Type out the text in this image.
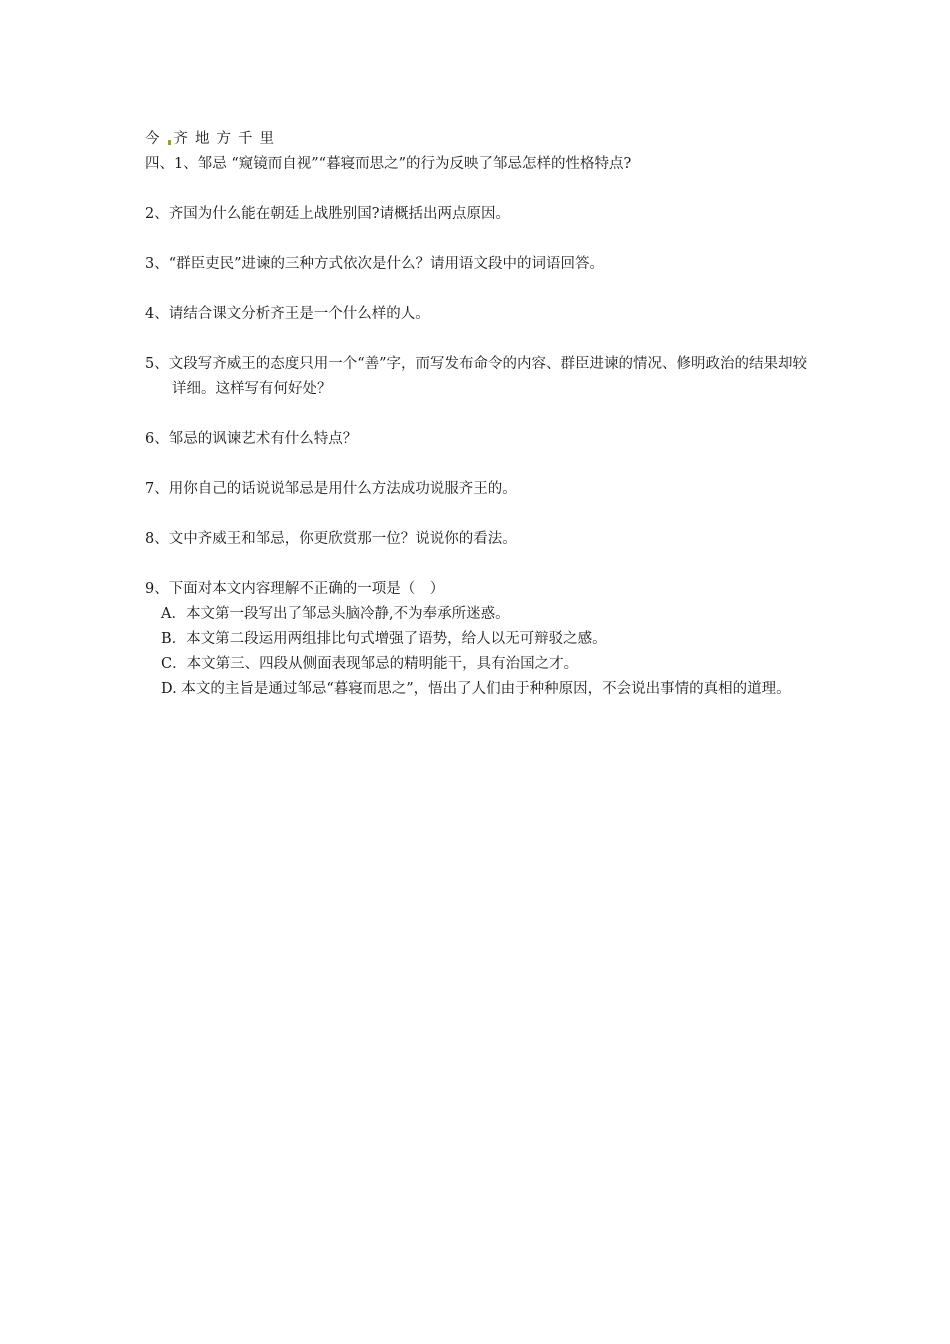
今 齐 地 方 千 里

四、1、邹忌 “窥镜而自视”“暮寝而思之”的行为反映了邹忌怎样的性格特点?

2、齐国为什么能在朝廷上战胜别国?请概括出两点原因。

3、“群臣吏民”进谏的三种方式依次是什么？请用语文段中的词语回答。

4、请结合课文分析齐王是一个什么样的人。

5、文段写齐威王的态度只用一个“善”字，而写发布命令的内容、群臣进谏的情况、修明政治的结果却较详细。这样写有何好处？

6、邹忌的讽谏艺术有什么特点？

7、用你自己的话说说邹忌是用什么方法成功说服齐王的。

8、文中齐威王和邹忌，你更欣赏那一位？说说你的看法。

9、下面对本文内容理解不正确的一项是（　）

A．本文第一段写出了邹忌头脑冷静,不为奉承所迷惑。
B．本文第二段运用两组排比句式增强了语势，给人以无可辩驳之感。
C．本文第三、四段从侧面表现邹忌的精明能干，具有治国之才。
D. 本文的主旨是通过邹忌“暮寝而思之”，悟出了人们由于种种原因，不会说出事情的真相的道理。
